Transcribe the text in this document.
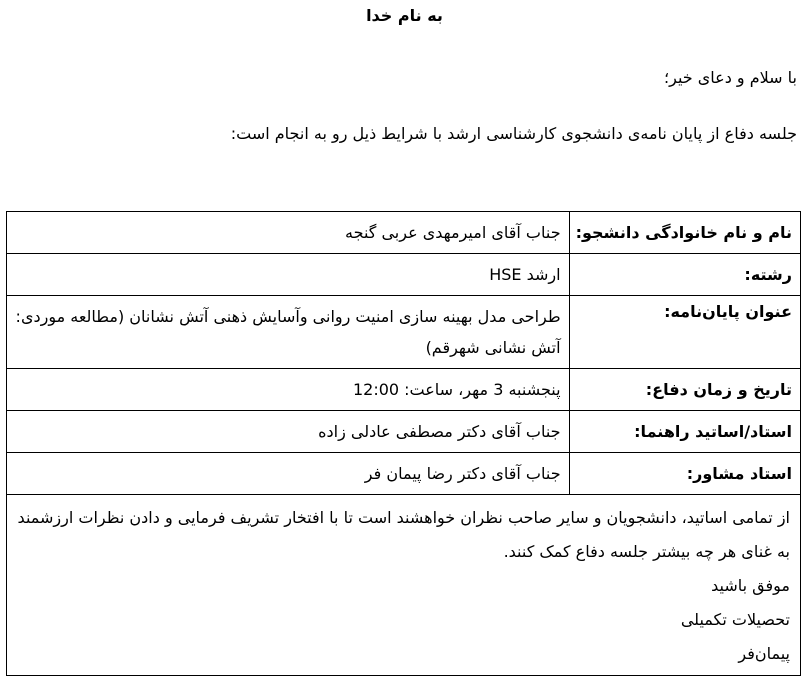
به نام خدا
با سلام و دعای خیر؛
جلسه دفاع از پایان نامه‌ی دانشجوی کارشناسی ارشد با شرایط ذیل رو به انجام است:
نام و نام خانوادگی دانشجو:	جناب آقای امیرمهدی عربی گنجه
رشته:	ارشد HSE
عنوان پایان‌نامه:	طراحی مدل بهینه سازی امنیت روانی وآسایش ذهنی آتش نشانان (مطالعه موردی: آتش نشانی شهرقم)
تاریخ و زمان دفاع:	پنجشنبه 3 مهر، ساعت: 12:00
استاد/اساتید راهنما:	جناب آقای دکتر مصطفی عادلی زاده
استاد مشاور:	جناب آقای دکتر رضا پیمان فر

از تمامی اساتید، دانشجویان و سایر صاحب نظران خواهشند است تا با افتخار تشریف فرمایی و دادن نظرات ارزشمند به غنای هر چه بیشتر جلسه دفاع کمک کنند.

موفق باشید

تحصیلات تکمیلی

پیمان‌فر	
